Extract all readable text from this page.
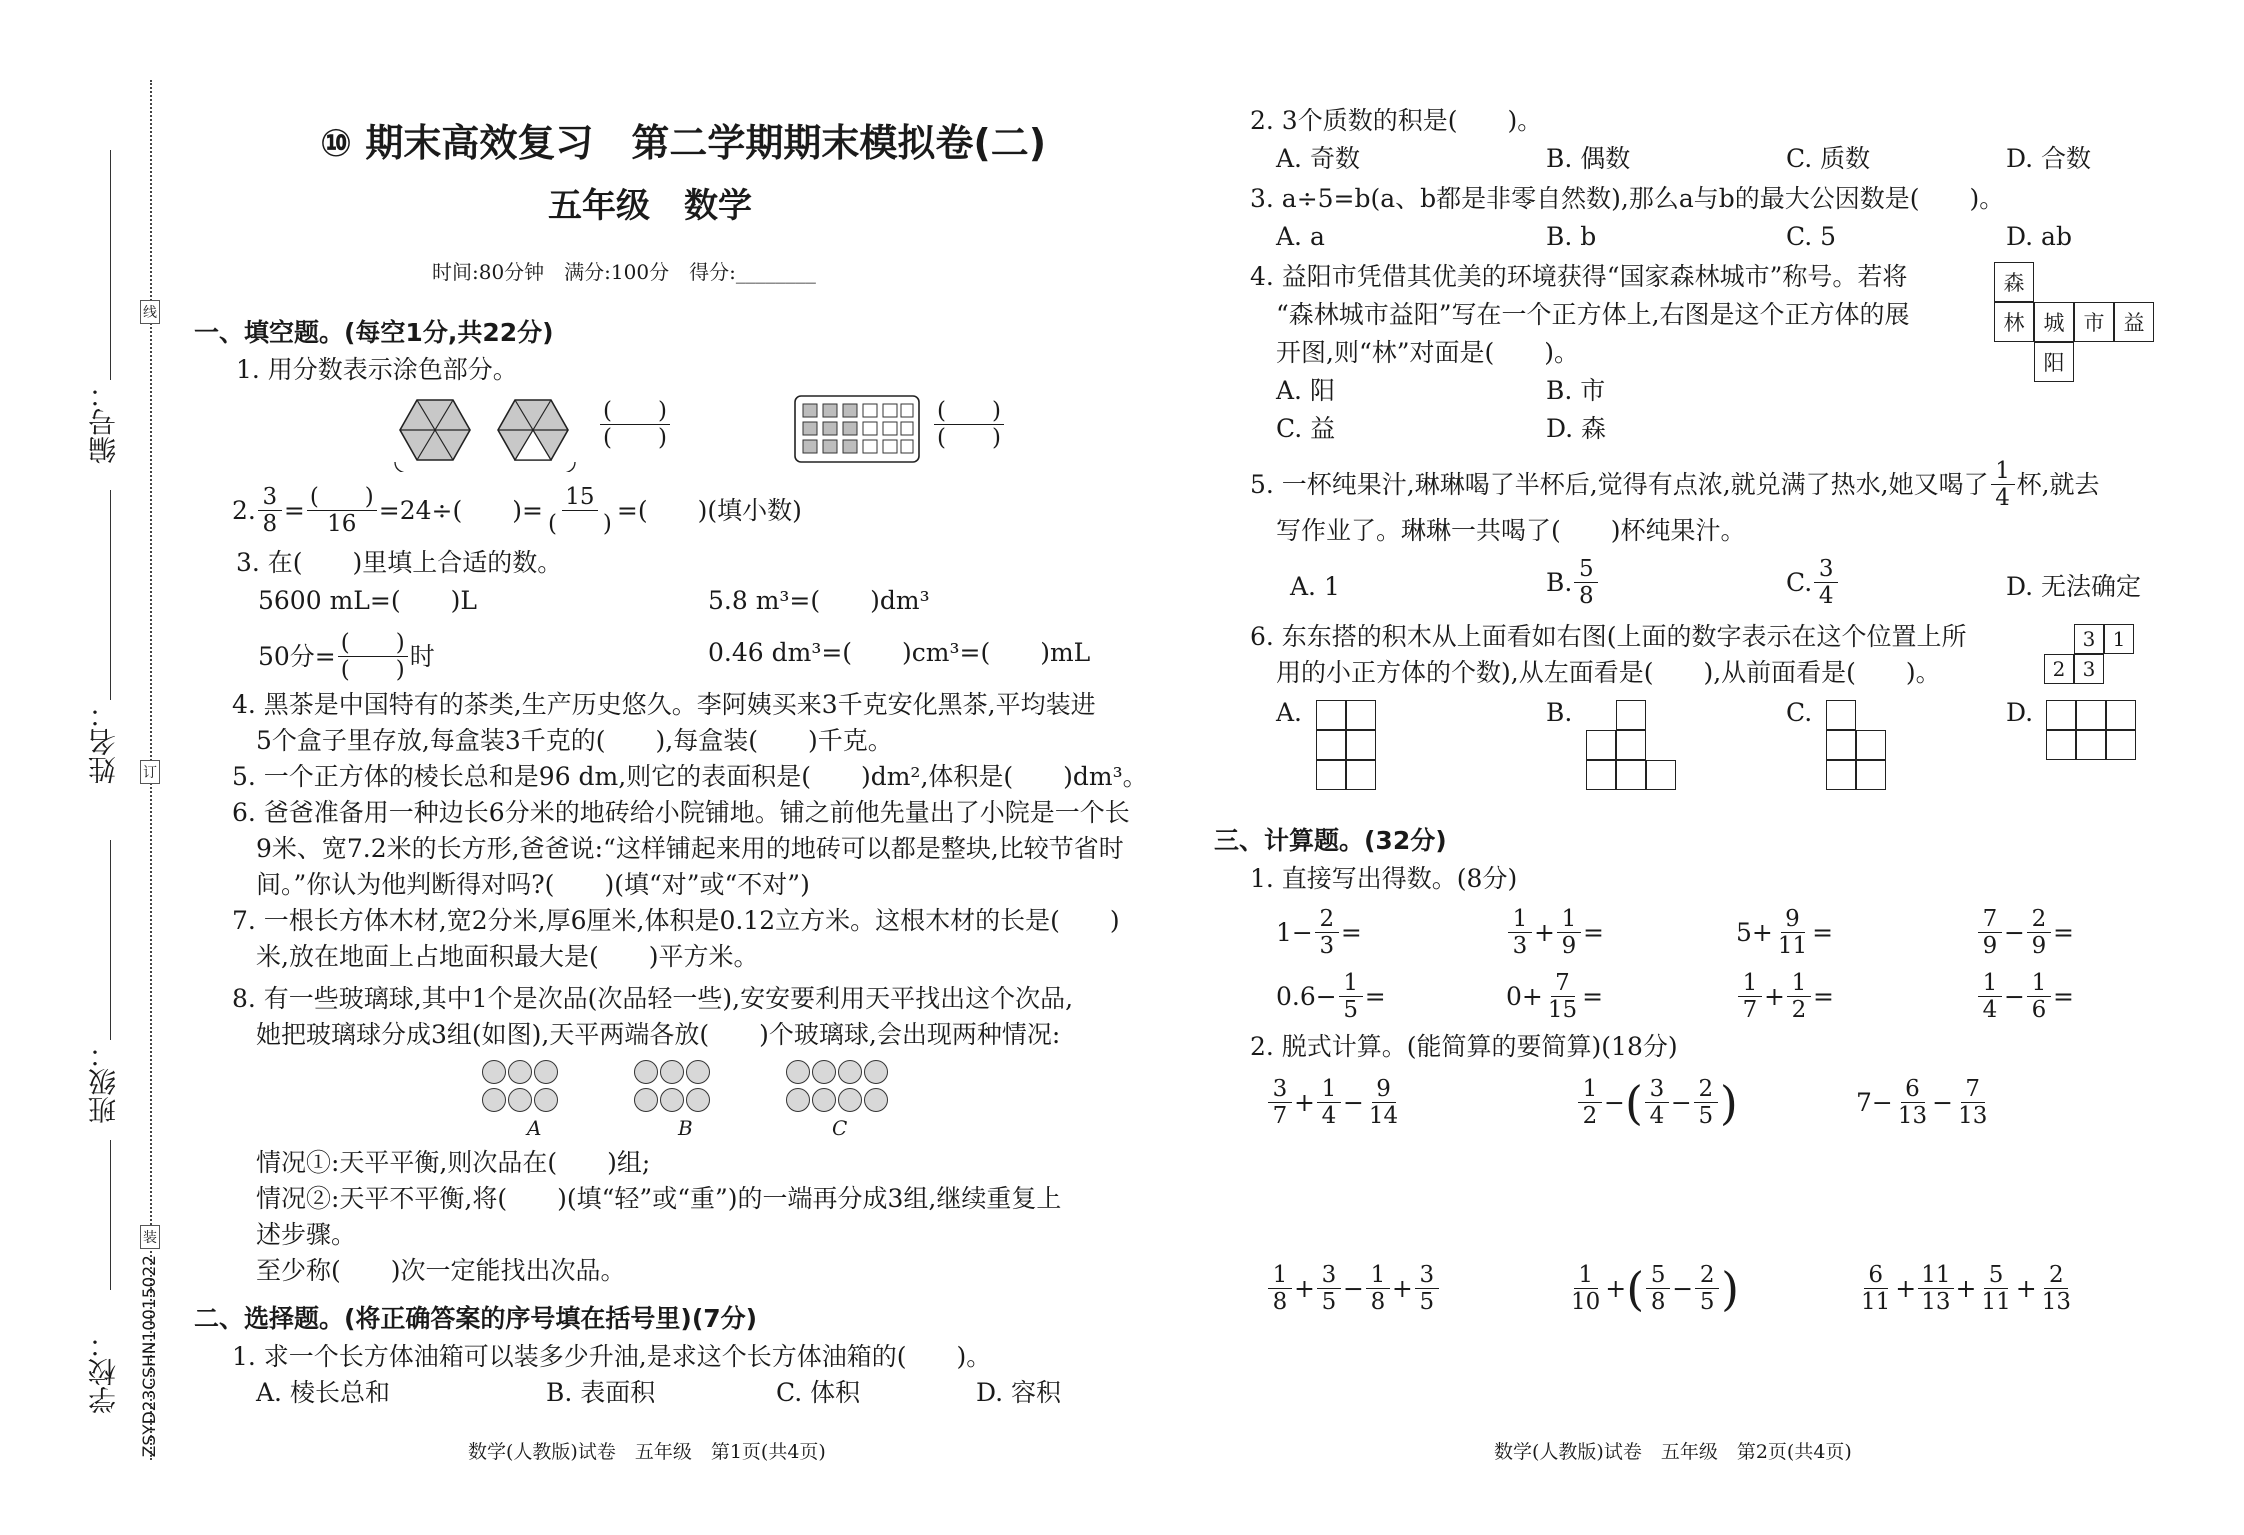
线
订
装
编号：
姓名：
班级：
学校： ZSYD23CSHN10015022
⑩ 期末高效复习　第二学期期末模拟卷(二)
五年级　数学
时间:80分钟　满分:100分　得分:________
一、填空题。(每空1分,共22分)
1. 用分数表示涂色部分。
$\frac{( )}{( )}$	$\frac{( )}{( )}$
2. $\frac{3}{8} = \frac{( )}{16} =24\div$(　　)= $\frac{15}{( )}$ =(　　)(填小数)
3. 在(　　)里填上合适的数。
5600 mL=(　　)L	5.8 m³=(　　)dm³
50分= $\frac{( )}{( )}$ 时	0.46 dm³=(　　)cm³=(　　)mL
4. 黑茶是中国特有的茶类,生产历史悠久。李阿姨买来3千克安化黑茶,平均装进
5个盒子里存放,每盒装3千克的(　　),每盒装(　　)千克。
5. 一个正方体的棱长总和是96 dm,则它的表面积是(　　)dm²,体积是(　　)dm³。
6. 爸爸准备用一种边长6分米的地砖给小院铺地。铺之前他先量出了小院是一个长
9米、宽7.2米的长方形,爸爸说:“这样铺起来用的地砖可以都是整块,比较节省时
间。”你认为他判断得对吗?(　　)(填“对”或“不对”)
7. 一根长方体木材,宽2分米,厚6厘米,体积是0.12立方米。这根木材的长是(　　)
米,放在地面上占地面积最大是(　　)平方米。
8. 有一些玻璃球,其中1个是次品(次品轻一些),安安要利用天平找出这个次品,
她把玻璃球分成3组(如图),天平两端各放(　　)个玻璃球,会出现两种情况:
A	B	C
情况①:天平平衡,则次品在(　　)组;
情况②:天平不平衡,将(　　)(填“轻”或“重”)的一端再分成3组,继续重复上
述步骤。
至少称(　　)次一定能找出次品。
二、选择题。(将正确答案的序号填在括号里)(7分)
1. 求一个长方体油箱可以装多少升油,是求这个长方体油箱的(　　)。
A. 棱长总和	B. 表面积	C. 体积	D. 容积
数学(人教版)试卷　五年级　第1页(共4页)
2. 3个质数的积是(　　)。
A. 奇数	B. 偶数	C. 质数	D. 合数
3. a÷5=b(a、b都是非零自然数),那么a与b的最大公因数是(　　)。
A. a	B. b	C. 5	D. ab
4. 益阳市凭借其优美的环境获得“国家森林城市”称号。若将
“森林城市益阳”写在一个正方体上,右图是这个正方体的展
开图,则“林”对面是(　　)。
A. 阳	B. 市
C. 益	D. 森
森
林 城 市 益
阳
5. 一杯纯果汁,琳琳喝了半杯后,觉得有点浓,就兑满了热水,她又喝了 $\frac{1}{4}$ 杯,就去
写作业了。琳琳一共喝了(　　)杯纯果汁。
A. 1	B. $\frac{5}{8}$	C. $\frac{3}{4}$	D. 无法确定
6. 东东搭的积木从上面看如右图(上面的数字表示在这个位置上所
用的小正方体的个数),从左面看是(　　),从前面看是(　　)。
3 1
2 3
A.	B.	C.	D.
三、计算题。(32分)
1. 直接写出得数。(8分)
$1- \frac{2}{3}$ =	$\frac{1}{3} + \frac{1}{9}$ =	$5+ \frac{9}{11}$ =	$\frac{7}{9} - \frac{2}{9}$ =
$0.6- \frac{1}{5}$ =	$0+ \frac{7}{15}$ =	$\frac{1}{7} + \frac{1}{2}$ =	$\frac{1}{4} - \frac{1}{6}$ =
2. 脱式计算。(能简算的要简算)(18分)
$\frac{3}{7} + \frac{1}{4} - \frac{9}{14}$	$\frac{1}{2}$ − ( $\frac{3}{4} - \frac{2}{5}$ )	$7- \frac{6}{13} - \frac{7}{13}$
$\frac{1}{8} + \frac{3}{5} - \frac{1}{8} + \frac{3}{5}$	$\frac{1}{10}$ + ( $\frac{5}{8} - \frac{2}{5}$ )	$\frac{6}{11} + \frac{11}{13} + \frac{5}{11} + \frac{2}{13}$
数学(人教版)试卷　五年级　第2页(共4页)
